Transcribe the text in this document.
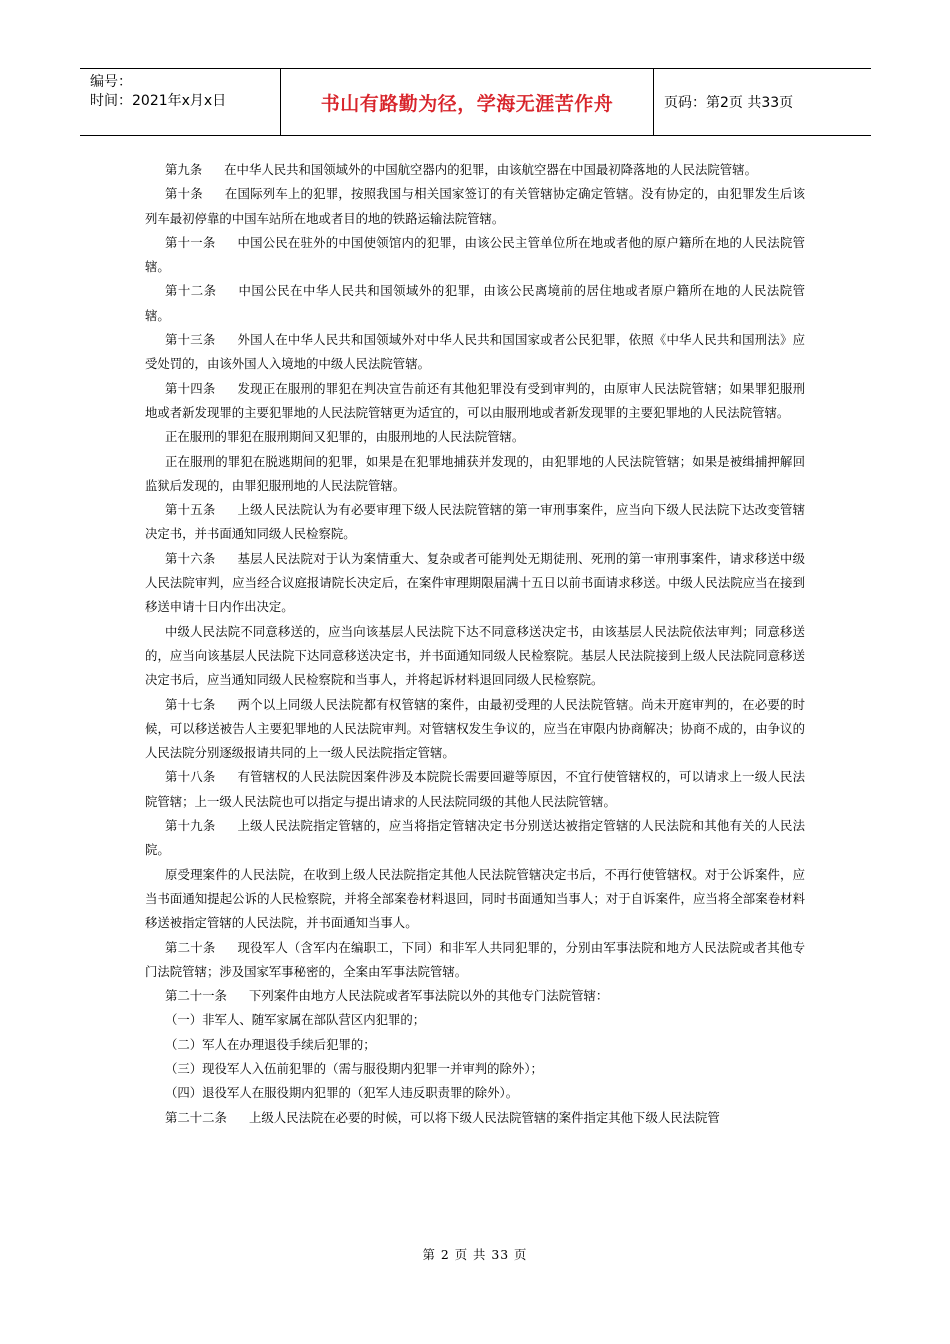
编号：
时间：2021年x月x日	书山有路勤为径，学海无涯苦作舟	页码：第2页 共33页

第九条 在中华人民共和国领域外的中国航空器内的犯罪，由该航空器在中国最初降落地的人民法院管辖。

第十条 在国际列车上的犯罪，按照我国与相关国家签订的有关管辖协定确定管辖。没有协定的，由犯罪发生后该列车最初停靠的中国车站所在地或者目的地的铁路运输法院管辖。

第十一条 中国公民在驻外的中国使领馆内的犯罪，由该公民主管单位所在地或者他的原户籍所在地的人民法院管辖。

第十二条 中国公民在中华人民共和国领域外的犯罪，由该公民离境前的居住地或者原户籍所在地的人民法院管辖。

第十三条 外国人在中华人民共和国领域外对中华人民共和国国家或者公民犯罪，依照《中华人民共和国刑法》应受处罚的，由该外国人入境地的中级人民法院管辖。

第十四条 发现正在服刑的罪犯在判决宣告前还有其他犯罪没有受到审判的，由原审人民法院管辖；如果罪犯服刑地或者新发现罪的主要犯罪地的人民法院管辖更为适宜的，可以由服刑地或者新发现罪的主要犯罪地的人民法院管辖。

正在服刑的罪犯在服刑期间又犯罪的，由服刑地的人民法院管辖。

正在服刑的罪犯在脱逃期间的犯罪，如果是在犯罪地捕获并发现的，由犯罪地的人民法院管辖；如果是被缉捕押解回监狱后发现的，由罪犯服刑地的人民法院管辖。

第十五条 上级人民法院认为有必要审理下级人民法院管辖的第一审刑事案件，应当向下级人民法院下达改变管辖决定书，并书面通知同级人民检察院。

第十六条 基层人民法院对于认为案情重大、复杂或者可能判处无期徒刑、死刑的第一审刑事案件，请求移送中级人民法院审判，应当经合议庭报请院长决定后，在案件审理期限届满十五日以前书面请求移送。中级人民法院应当在接到移送申请十日内作出决定。

中级人民法院不同意移送的，应当向该基层人民法院下达不同意移送决定书，由该基层人民法院依法审判；同意移送的，应当向该基层人民法院下达同意移送决定书，并书面通知同级人民检察院。基层人民法院接到上级人民法院同意移送决定书后，应当通知同级人民检察院和当事人，并将起诉材料退回同级人民检察院。

第十七条 两个以上同级人民法院都有权管辖的案件，由最初受理的人民法院管辖。尚未开庭审判的，在必要的时候，可以移送被告人主要犯罪地的人民法院审判。对管辖权发生争议的，应当在审限内协商解决；协商不成的，由争议的人民法院分别逐级报请共同的上一级人民法院指定管辖。

第十八条 有管辖权的人民法院因案件涉及本院院长需要回避等原因，不宜行使管辖权的，可以请求上一级人民法院管辖；上一级人民法院也可以指定与提出请求的人民法院同级的其他人民法院管辖。

第十九条 上级人民法院指定管辖的，应当将指定管辖决定书分别送达被指定管辖的人民法院和其他有关的人民法院。

原受理案件的人民法院，在收到上级人民法院指定其他人民法院管辖决定书后，不再行使管辖权。对于公诉案件，应当书面通知提起公诉的人民检察院，并将全部案卷材料退回，同时书面通知当事人；对于自诉案件，应当将全部案卷材料移送被指定管辖的人民法院，并书面通知当事人。

第二十条 现役军人（含军内在编职工，下同）和非军人共同犯罪的，分别由军事法院和地方人民法院或者其他专门法院管辖；涉及国家军事秘密的，全案由军事法院管辖。

第二十一条 下列案件由地方人民法院或者军事法院以外的其他专门法院管辖：

（一）非军人、随军家属在部队营区内犯罪的；

（二）军人在办理退役手续后犯罪的；

（三）现役军人入伍前犯罪的（需与服役期内犯罪一并审判的除外）；

（四）退役军人在服役期内犯罪的（犯军人违反职责罪的除外）。

第二十二条 上级人民法院在必要的时候，可以将下级人民法院管辖的案件指定其他下级人民法院管

第 2 页 共 33 页
